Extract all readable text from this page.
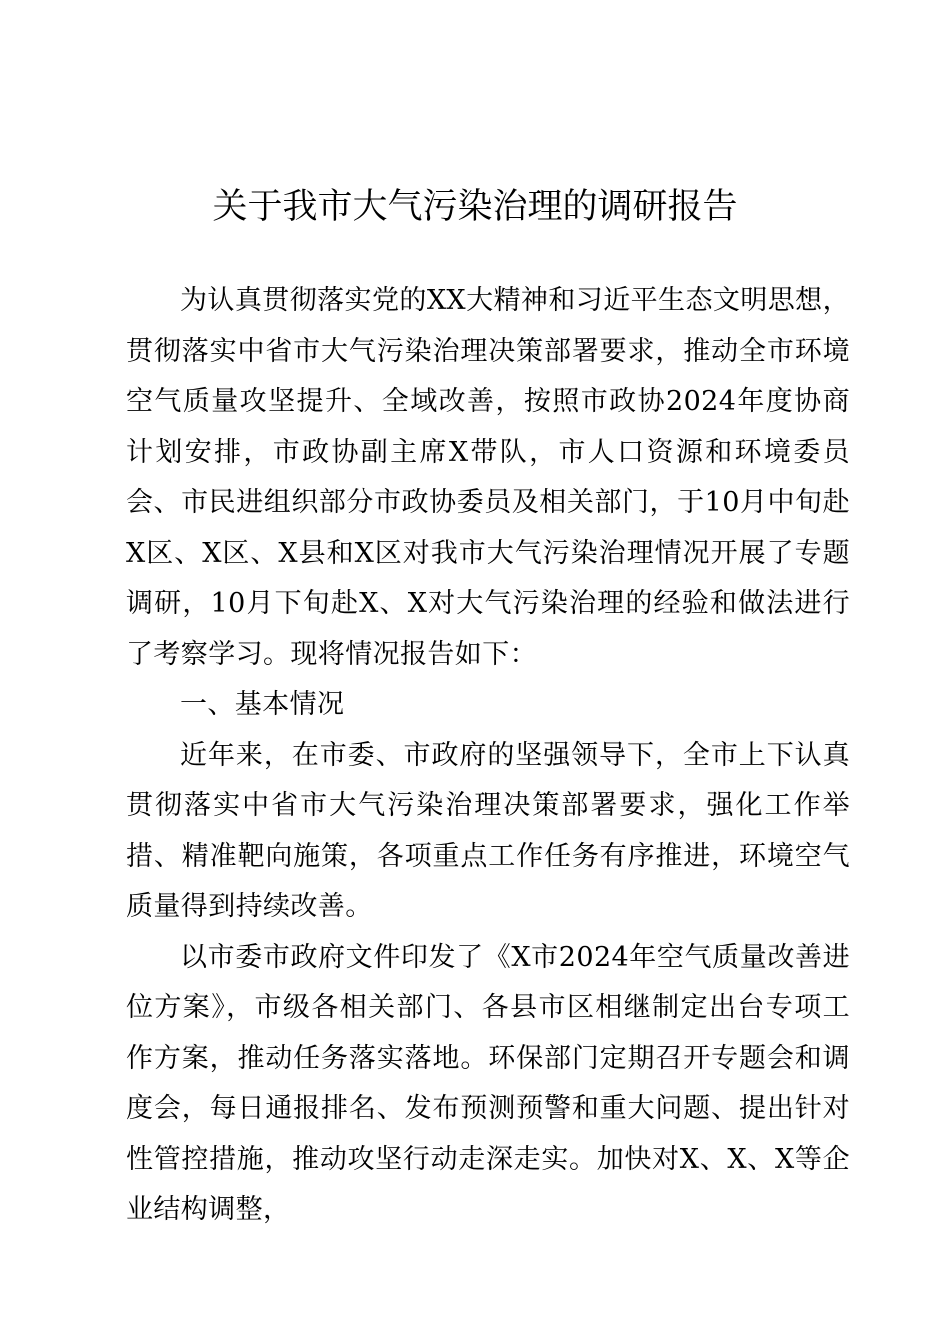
关于我市大气污染治理的调研报告

为认真贯彻落实党的XX大精神和习近平生态文明思想，贯彻落实中省市大气污染治理决策部署要求，推动全市环境空气质量攻坚提升、全域改善，按照市政协2024年度协商计划安排，市政协副主席X带队，市人口资源和环境委员会、市民进组织部分市政协委员及相关部门，于10月中旬赴X区、X区、X县和X区对我市大气污染治理情况开展了专题调研，10月下旬赴X、X对大气污染治理的经验和做法进行了考察学习。现将情况报告如下：

一、基本情况

近年来，在市委、市政府的坚强领导下，全市上下认真贯彻落实中省市大气污染治理决策部署要求，强化工作举措、精准靶向施策，各项重点工作任务有序推进，环境空气质量得到持续改善。

以市委市政府文件印发了《X市2024年空气质量改善进位方案》，市级各相关部门、各县市区相继制定出台专项工作方案，推动任务落实落地。环保部门定期召开专题会和调度会，每日通报排名、发布预测预警和重大问题、提出针对性管控措施，推动攻坚行动走深走实。加快对X、X、X等企业结构调整，
